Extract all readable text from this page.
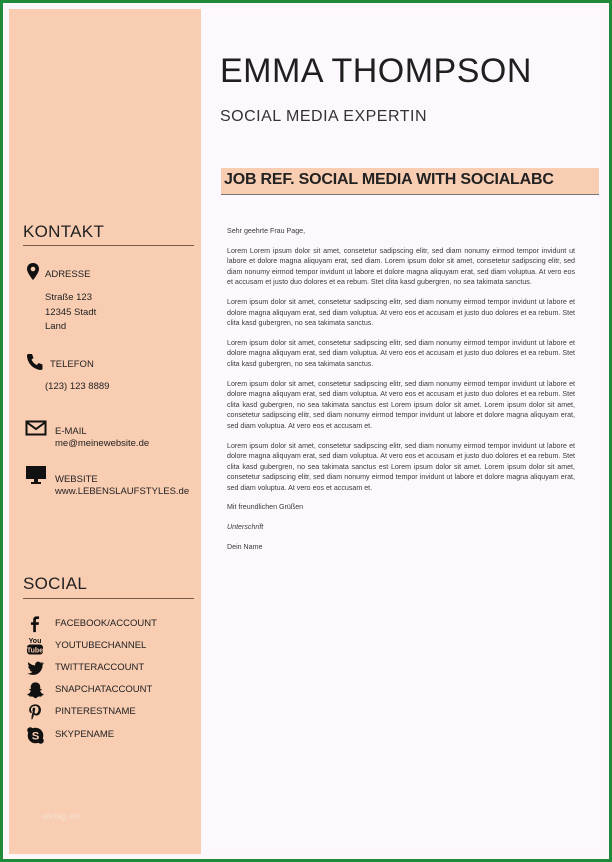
EMMA THOMPSON
SOCIAL MEDIA EXPERTIN
JOB REF. SOCIAL MEDIA WITH SOCIALABC

Sehr geehrte Frau Page,

Lorem Lorem ipsum dolor sit amet, consetetur sadipscing elitr, sed diam nonumy eirmod tempor invidunt ut labore et dolore magna aliquyam erat, sed diam. Lorem ipsum dolor sit amet, consetetur sadipscing elitr, sed diam nonumy eirmod tempor invidunt ut labore et dolore magna aliquyam erat, sed diam voluptua. At vero eos et accusam et justo duo dolores et ea rebum. Stet clita kasd gubergren, no sea takimata sanctus.

Lorem ipsum dolor sit amet, consetetur sadipscing elitr, sed diam nonumy eirmod tempor invidunt ut labore et dolore magna aliquyam erat, sed diam voluptua. At vero eos et accusam et justo duo dolores et ea rebum. Stet clita kasd gubergren, no sea takimata sanctus.

Lorem ipsum dolor sit amet, consetetur sadipscing elitr, sed diam nonumy eirmod tempor invidunt ut labore et dolore magna aliquyam erat, sed diam voluptua. At vero eos et accusam et justo duo dolores et ea rebum. Stet clita kasd gubergren, no sea takimata sanctus.

Lorem ipsum dolor sit amet, consetetur sadipscing elitr, sed diam nonumy eirmod tempor invidunt ut labore et dolore magna aliquyam erat, sed diam voluptua. At vero eos et accusam et justo duo dolores et ea rebum. Stet clita kasd gubergren, no sea takimata sanctus est Lorem ipsum dolor sit amet. Lorem ipsum dolor sit amet, consetetur sadipscing elitr, sed diam nonumy eirmod tempor invidunt ut labore et dolore magna aliquyam erat, sed diam voluptua. At vero eos et accusam et.

Lorem ipsum dolor sit amet, consetetur sadipscing elitr, sed diam nonumy eirmod tempor invidunt ut labore et dolore magna aliquyam erat, sed diam voluptua. At vero eos et accusam et justo duo dolores et ea rebum. Stet clita kasd gubergren, no sea takimata sanctus est Lorem ipsum dolor sit amet. Lorem ipsum dolor sit amet, consetetur sadipscing elitr, sed diam nonumy eirmod tempor invidunt ut labore et dolore magna aliquyam erat, sed diam voluptua. At vero eos et accusam et.

Mit freundlichen Grüßen

Unterschrift

Dein Name

KONTAKT
ADRESSE
Straße 123
12345 Stadt
Land
TELEFON
(123) 123 8889
E-MAIL
me@meinewebsite.de
WEBSITE
www.LEBENSLAUFSTYLES.de
SOCIAL
FACEBOOK/ACCOUNT
You
Tube YOUTUBECHANNEL
TWITTERACCOUNT
SNAPCHATACCOUNT
PINTERESTNAME
S SKYPENAME
vorlag.en
